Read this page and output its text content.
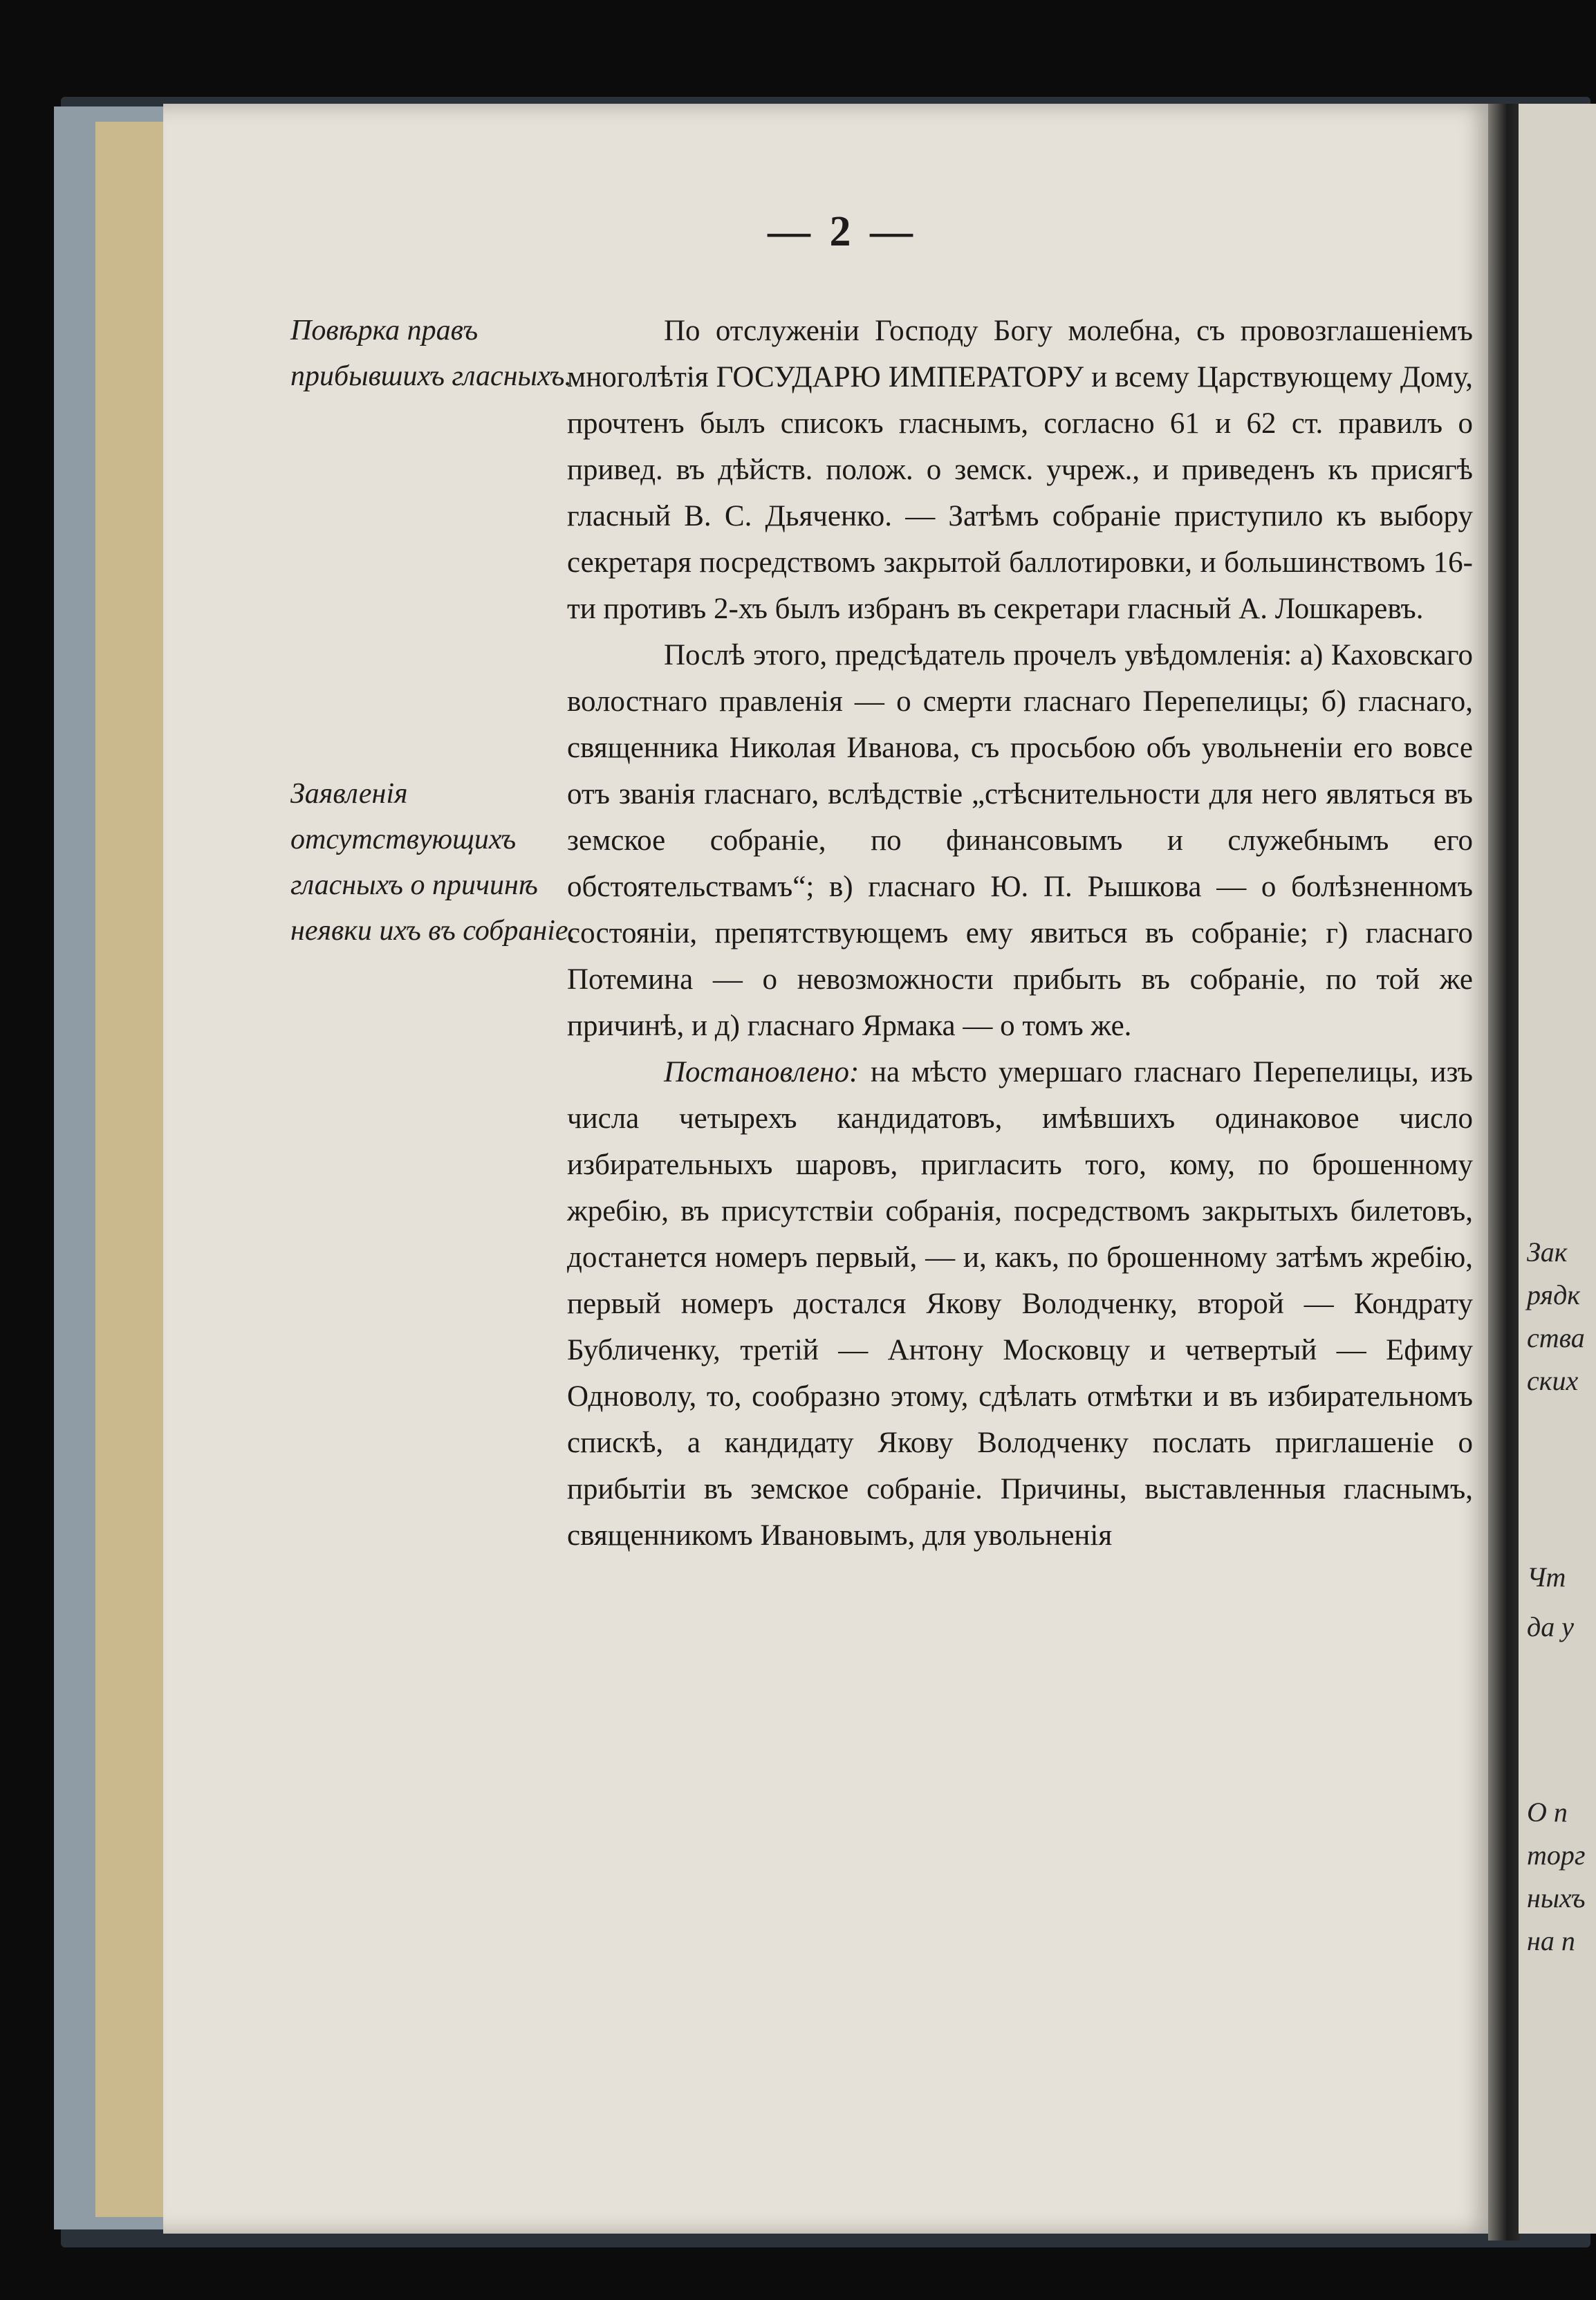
— 2 —
Повѣрка правъ прибывшихъ гласныхъ.
Заявленія отсутствующихъ гласныхъ о причинѣ неявки ихъ въ собраніе.

По отслуженіи Господу Богу молебна, съ провозглашеніемъ многолѣтія ГОСУДАРЮ ИМПЕРАТОРУ и всему Царствующему Дому, прочтенъ былъ списокъ гласнымъ, согласно 61 и 62 ст. правилъ о привед. въ дѣйств. полож. о земск. учреж., и приведенъ къ присягѣ гласный В. С. Дьяченко. — Затѣмъ собраніе приступило къ выбору секретаря посредствомъ закрытой баллотировки, и большинствомъ 16-ти противъ 2-хъ былъ избранъ въ секретари гласный А. Лошкаревъ.

Послѣ этого, предсѣдатель прочелъ увѣдомленія: а) Каховскаго волостнаго правленія — о смерти гласнаго Перепелицы; б) гласнаго, священника Николая Иванова, съ просьбою объ увольненіи его вовсе отъ званія гласнаго, вслѣдствіе „стѣснительности для него являться въ земское собраніе, по финансовымъ и служебнымъ его обстоятельствамъ“; в) гласнаго Ю. П. Рышкова — о болѣзненномъ состояніи, препятствующемъ ему явиться въ собраніе; г) гласнаго Потемина — о невозможности прибыть въ собраніе, по той же причинѣ, и д) гласнаго Ярмака — о томъ же.

Постановлено: на мѣсто умершаго гласнаго Перепелицы, изъ числа четырехъ кандидатовъ, имѣвшихъ одинаковое число избирательныхъ шаровъ, пригласить того, кому, по брошенному жребію, въ присутствіи собранія, посредствомъ закрытыхъ билетовъ, достанется номеръ первый, — и, какъ, по брошенному затѣмъ жребію, первый номеръ достался Якову Володченку, второй — Кондрату Бубличенку, третій — Антону Московцу и четвертый — Ефиму Одноволу, то, сообразно этому, сдѣлать отмѣтки и въ избирательномъ спискѣ, а кандидату Якову Володченку послать приглашеніе о прибытіи въ земское собраніе. Причины, выставленныя гласнымъ, священникомъ Ивановымъ, для увольненія

Зак
рядк
ства
ских
Чт
да у
О п
торг
ныхъ
на п
